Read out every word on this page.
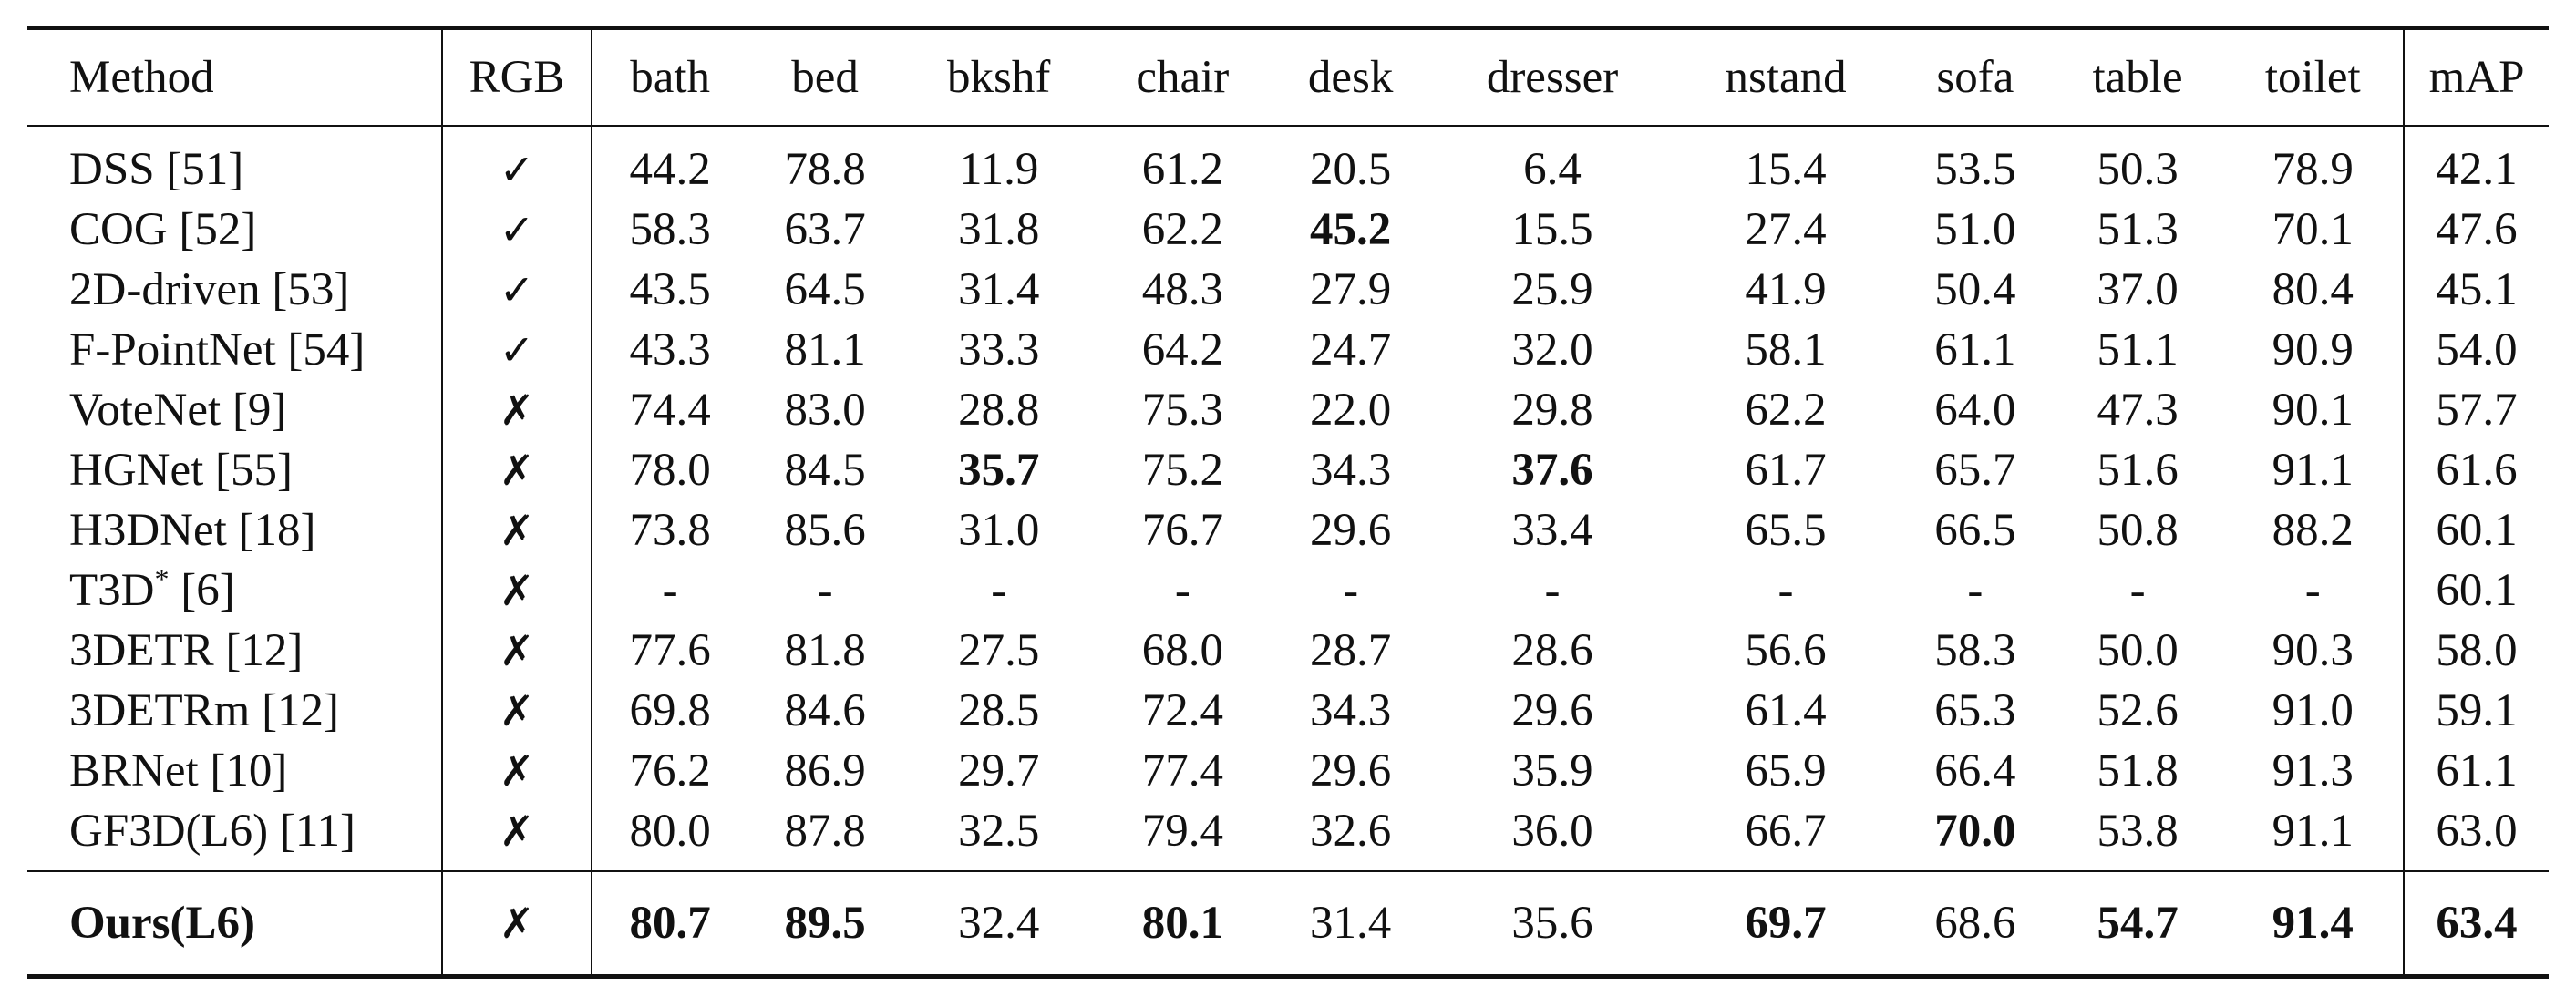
Method	RGB	bath	bed	bkshf	chair	desk	dresser	nstand	sofa	table	toilet	mAP
DSS [51]	✓	44.2	78.8	11.9	61.2	20.5	6.4	15.4	53.5	50.3	78.9	42.1
COG [52]	✓	58.3	63.7	31.8	62.2	45.2	15.5	27.4	51.0	51.3	70.1	47.6
2D-driven [53]	✓	43.5	64.5	31.4	48.3	27.9	25.9	41.9	50.4	37.0	80.4	45.1
F-PointNet [54]	✓	43.3	81.1	33.3	64.2	24.7	32.0	58.1	61.1	51.1	90.9	54.0
VoteNet [9]	✗	74.4	83.0	28.8	75.3	22.0	29.8	62.2	64.0	47.3	90.1	57.7
HGNet [55]	✗	78.0	84.5	35.7	75.2	34.3	37.6	61.7	65.7	51.6	91.1	61.6
H3DNet [18]	✗	73.8	85.6	31.0	76.7	29.6	33.4	65.5	66.5	50.8	88.2	60.1
T3D* [6]	✗	-	-	-	-	-	-	-	-	-	-	60.1
3DETR [12]	✗	77.6	81.8	27.5	68.0	28.7	28.6	56.6	58.3	50.0	90.3	58.0
3DETRm [12]	✗	69.8	84.6	28.5	72.4	34.3	29.6	61.4	65.3	52.6	91.0	59.1
BRNet [10]	✗	76.2	86.9	29.7	77.4	29.6	35.9	65.9	66.4	51.8	91.3	61.1
GF3D(L6) [11]	✗	80.0	87.8	32.5	79.4	32.6	36.0	66.7	70.0	53.8	91.1	63.0
Ours(L6)	✗	80.7	89.5	32.4	80.1	31.4	35.6	69.7	68.6	54.7	91.4	63.4
